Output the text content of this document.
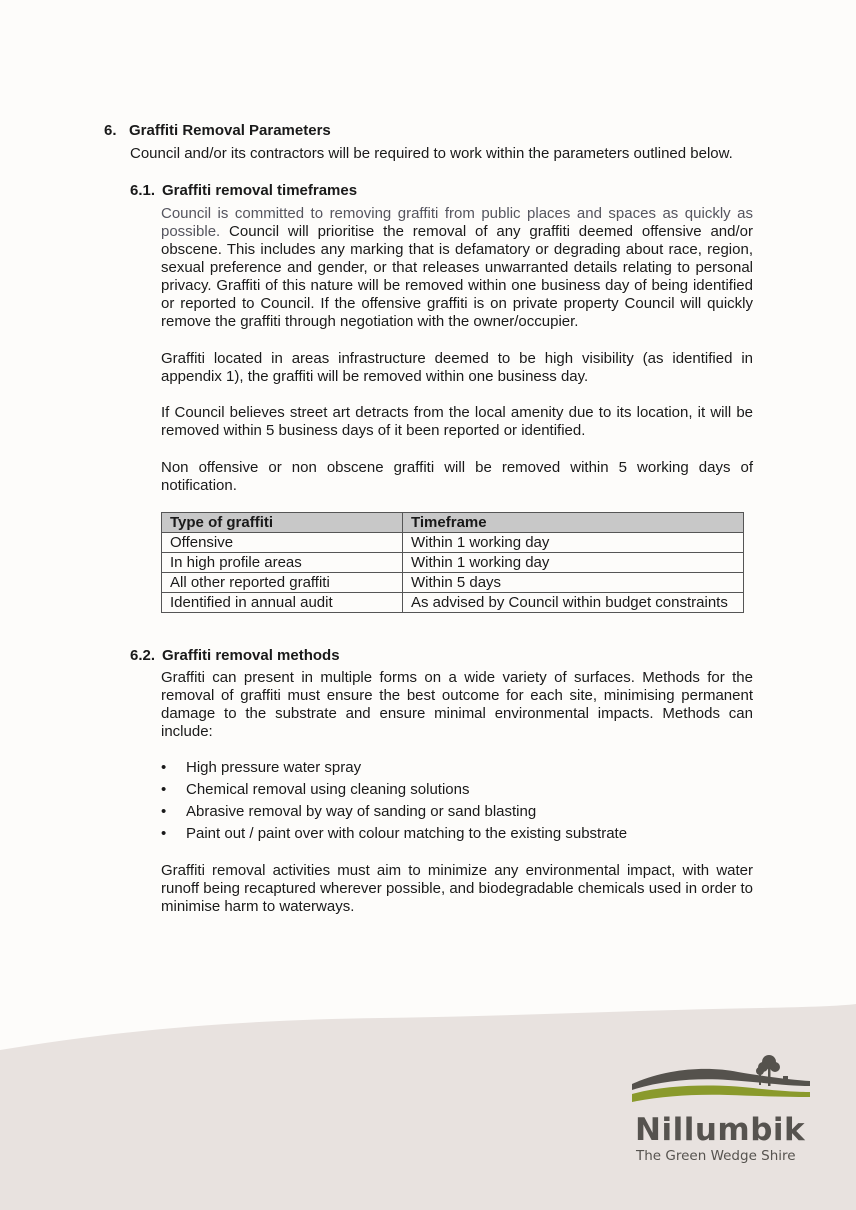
6. Graffiti Removal Parameters

Council and/or its contractors will be required to work within the parameters outlined below.

6.1. Graffiti removal timeframes

Council is committed to removing graffiti from public places and spaces as quickly as possible. Council will prioritise the removal of any graffiti deemed offensive and/or obscene. This includes any marking that is defamatory or degrading about race, region, sexual preference and gender, or that releases unwarranted details relating to personal privacy. Graffiti of this nature will be removed within one business day of being identified or reported to Council. If the offensive graffiti is on private property Council will quickly remove the graffiti through negotiation with the owner/occupier.

Graffiti located in areas infrastructure deemed to be high visibility (as identified in appendix 1), the graffiti will be removed within one business day.

If Council believes street art detracts from the local amenity due to its location, it will be removed within 5 business days of it been reported or identified.

Non offensive or non obscene graffiti will be removed within 5 working days of notification.

Type of graffiti	Timeframe
Offensive	Within 1 working day
In high profile areas	Within 1 working day
All other reported graffiti	Within 5 days
Identified in annual audit	As advised by Council within budget constraints
6.2. Graffiti removal methods

Graffiti can present in multiple forms on a wide variety of surfaces. Methods for the removal of graffiti must ensure the best outcome for each site, minimising permanent damage to the substrate and ensure minimal environmental impacts. Methods can include:

• High pressure water spray
• Chemical removal using cleaning solutions
• Abrasive removal by way of sanding or sand blasting
• Paint out / paint over with colour matching to the existing substrate

Graffiti removal activities must aim to minimize any environmental impact, with water runoff being recaptured wherever possible, and biodegradable chemicals used in order to minimise harm to waterways.

Nillumbik

The Green Wedge Shire
